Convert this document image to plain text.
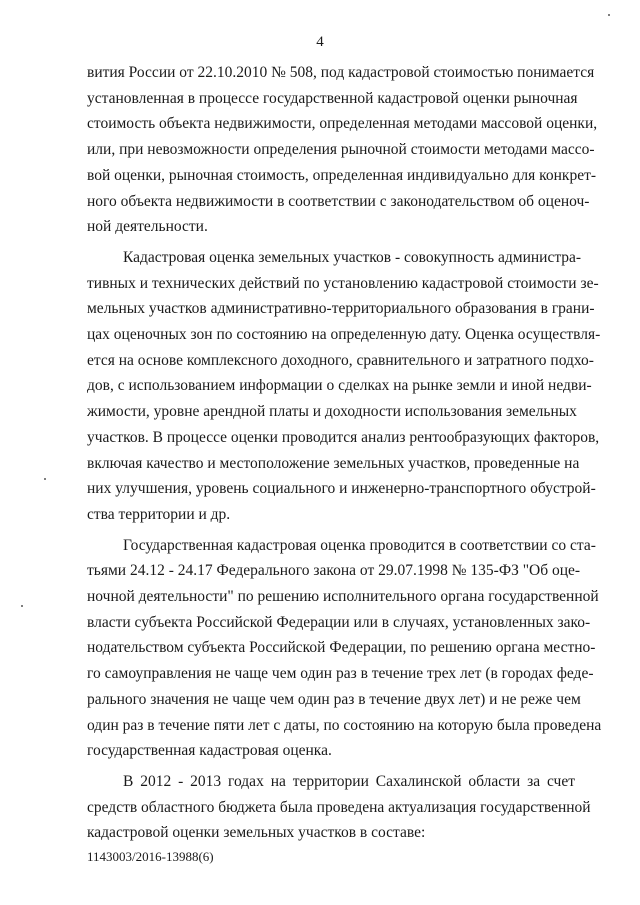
4
вития России от 22.10.2010 № 508, под кадастровой стоимостью понимается
установленная в процессе государственной кадастровой оценки рыночная
стоимость объекта недвижимости, определенная методами массовой оценки,
или, при невозможности определения рыночной стоимости методами массо-
вой оценки, рыночная стоимость, определенная индивидуально для конкрет-
ного объекта недвижимости в соответствии с законодательством об оценоч-
ной деятельности.
Кадастровая оценка земельных участков - совокупность администра-
тивных и технических действий по установлению кадастровой стоимости зе-
мельных участков административно-территориального образования в грани-
цах оценочных зон по состоянию на определенную дату. Оценка осуществля-
ется на основе комплексного доходного, сравнительного и затратного подхо-
дов, с использованием информации о сделках на рынке земли и иной недви-
жимости, уровне арендной платы и доходности использования земельных
участков. В процессе оценки проводится анализ рентообразующих факторов,
включая качество и местоположение земельных участков, проведенные на
них улучшения, уровень социального и инженерно-транспортного обустрой-
ства территории и др.
Государственная кадастровая оценка проводится в соответствии со ста-
тьями 24.12 - 24.17 Федерального закона от 29.07.1998 № 135-ФЗ "Об оце-
ночной деятельности" по решению исполнительного органа государственной
власти субъекта Российской Федерации или в случаях, установленных зако-
нодательством субъекта Российской Федерации, по решению органа местно-
го самоуправления не чаще чем один раз в течение трех лет (в городах феде-
рального значения не чаще чем один раз в течение двух лет) и не реже чем
один раз в течение пяти лет с даты, по состоянию на которую была проведена
государственная кадастровая оценка.
В 2012 - 2013 годах на территории Сахалинской области за счет
средств областного бюджета была проведена актуализация государственной
кадастровой оценки земельных участков в составе:
1143003/2016-13988(6)
